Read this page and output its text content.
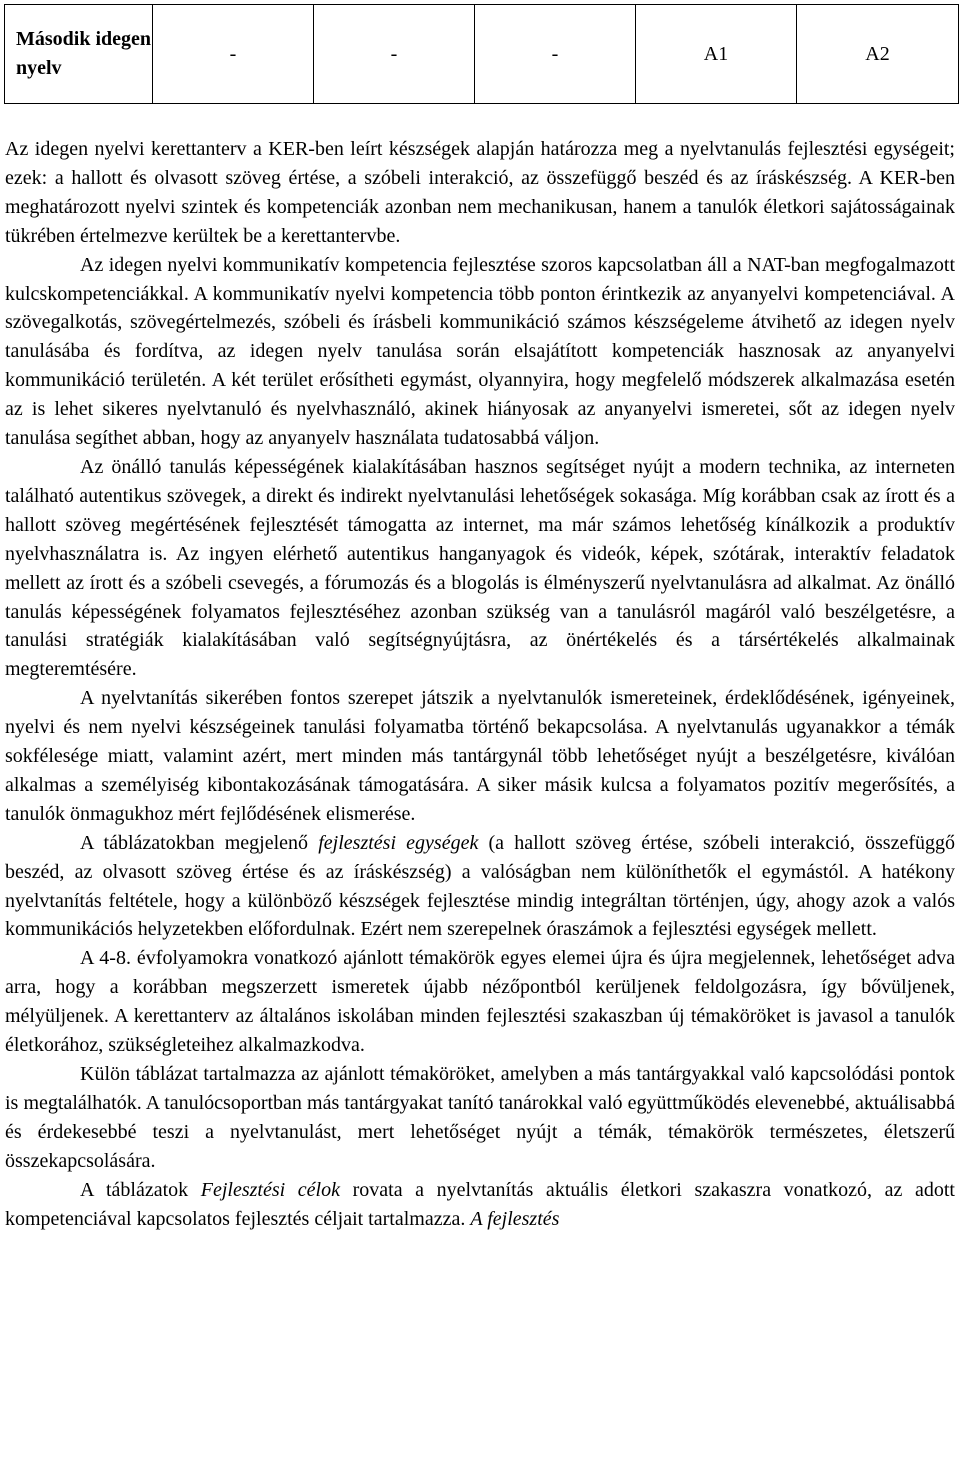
Második idegen nyelv	-	-	-	A1	A2

Az idegen nyelvi kerettanterv a KER-ben leírt készségek alapján határozza meg a nyelvtanulás fejlesztési egységeit; ezek: a hallott és olvasott szöveg értése, a szóbeli interakció, az összefüggő beszéd és az íráskészség. A KER-ben meghatározott nyelvi szintek és kompetenciák azonban nem mechanikusan, hanem a tanulók életkori sajátosságainak tükrében értelmezve kerültek be a kerettantervbe.

Az idegen nyelvi kommunikatív kompetencia fejlesztése szoros kapcsolatban áll a NAT-ban megfogalmazott kulcskompetenciákkal. A kommunikatív nyelvi kompetencia több ponton érintkezik az anyanyelvi kompetenciával. A szövegalkotás, szövegértelmezés, szóbeli és írásbeli kommunikáció számos készségeleme átvihető az idegen nyelv tanulásába és fordítva, az idegen nyelv tanulása során elsajátított kompetenciák hasznosak az anyanyelvi kommunikáció területén. A két terület erősítheti egymást, olyannyira, hogy megfelelő módszerek alkalmazása esetén az is lehet sikeres nyelvtanuló és nyelvhasználó, akinek hiányosak az anyanyelvi ismeretei, sőt az idegen nyelv tanulása segíthet abban, hogy az anyanyelv használata tudatosabbá váljon.

Az önálló tanulás képességének kialakításában hasznos segítséget nyújt a modern technika, az interneten található autentikus szövegek, a direkt és indirekt nyelvtanulási lehetőségek sokasága. Míg korábban csak az írott és a hallott szöveg megértésének fejlesztését támogatta az internet, ma már számos lehetőség kínálkozik a produktív nyelvhasználatra is. Az ingyen elérhető autentikus hanganyagok és videók, képek, szótárak, interaktív feladatok mellett az írott és a szóbeli csevegés, a fórumozás és a blogolás is élményszerű nyelvtanulásra ad alkalmat. Az önálló tanulás képességének folyamatos fejlesztéséhez azonban szükség van a tanulásról magáról való beszélgetésre, a tanulási stratégiák kialakításában való segítségnyújtásra, az önértékelés és a társértékelés alkalmainak megteremtésére.

A nyelvtanítás sikerében fontos szerepet játszik a nyelvtanulók ismereteinek, érdeklődésének, igényeinek, nyelvi és nem nyelvi készségeinek tanulási folyamatba történő bekapcsolása. A nyelvtanulás ugyanakkor a témák sokfélesége miatt, valamint azért, mert minden más tantárgynál több lehetőséget nyújt a beszélgetésre, kiválóan alkalmas a személyiség kibontakozásának támogatására. A siker másik kulcsa a folyamatos pozitív megerősítés, a tanulók önmagukhoz mért fejlődésének elismerése.

A táblázatokban megjelenő fejlesztési egységek (a hallott szöveg értése, szóbeli interakció, összefüggő beszéd, az olvasott szöveg értése és az íráskészség) a valóságban nem különíthetők el egymástól. A hatékony nyelvtanítás feltétele, hogy a különböző készségek fejlesztése mindig integráltan történjen, úgy, ahogy azok a valós kommunikációs helyzetekben előfordulnak. Ezért nem szerepelnek óraszámok a fejlesztési egységek mellett.

A 4-8. évfolyamokra vonatkozó ajánlott témakörök egyes elemei újra és újra megjelennek, lehetőséget adva arra, hogy a korábban megszerzett ismeretek újabb nézőpontból kerüljenek feldolgozásra, így bővüljenek, mélyüljenek. A kerettanterv az általános iskolában minden fejlesztési szakaszban új témaköröket is javasol a tanulók életkorához, szükségleteihez alkalmazkodva.

Külön táblázat tartalmazza az ajánlott témaköröket, amelyben a más tantárgyakkal való kapcsolódási pontok is megtalálhatók. A tanulócsoportban más tantárgyakat tanító tanárokkal való együttműködés elevenebbé, aktuálisabbá és érdekesebbé teszi a nyelvtanulást, mert lehetőséget nyújt a témák, témakörök természetes, életszerű összekapcsolására.

A táblázatok Fejlesztési célok rovata a nyelvtanítás aktuális életkori szakaszra vonatkozó, az adott kompetenciával kapcsolatos fejlesztés céljait tartalmazza. A fejlesztés
